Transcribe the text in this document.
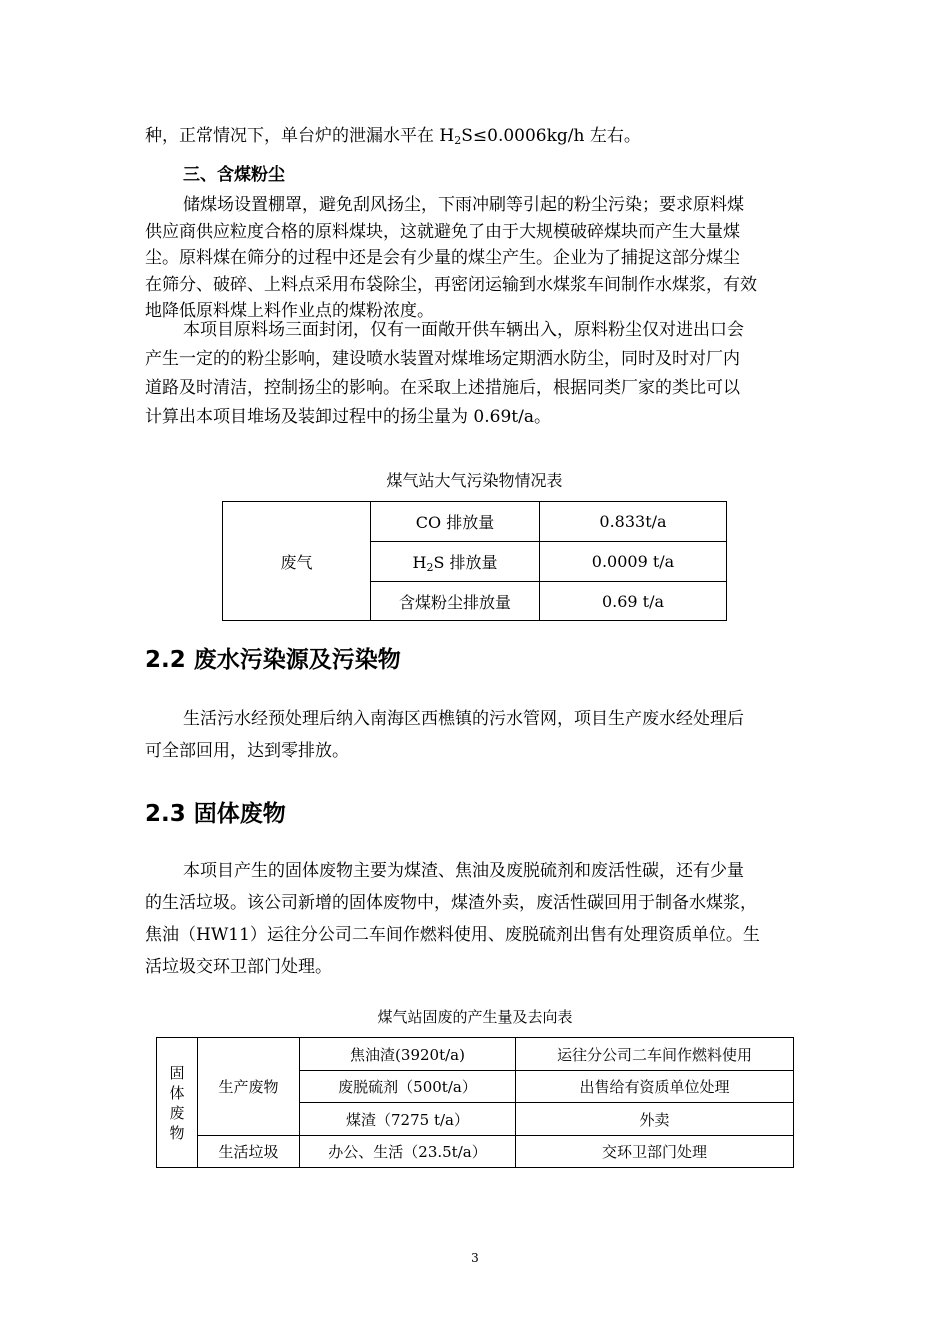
种，正常情况下，单台炉的泄漏水平在 $H_2S\le 0.0006kg/h$ 左右。

三、含煤粉尘

储煤场设置棚罩，避免刮风扬尘，下雨冲刷等引起的粉尘污染；要求原料煤
供应商供应粒度合格的原料煤块，这就避免了由于大规模破碎煤块而产生大量煤
尘。原料煤在筛分的过程中还是会有少量的煤尘产生。企业为了捕捉这部分煤尘
在筛分、破碎、上料点采用布袋除尘，再密闭运输到水煤浆车间制作水煤浆，有效
地降低原料煤上料作业点的煤粉浓度。

本项目原料场三面封闭，仅有一面敞开供车辆出入，原料粉尘仅对进出口会
产生一定的的粉尘影响，建设喷水装置对煤堆场定期洒水防尘，同时及时对厂内
道路及时清洁，控制扬尘的影响。在采取上述措施后，根据同类厂家的类比可以
计算出本项目堆场及装卸过程中的扬尘量为 0.69t/a。

煤气站大气污染物情况表

废气	CO 排放量	0.833t/a
	$H_2S$ 排放量	0.0009 t/a
	含煤粉尘排放量	0.69 t/a
2.2 废水污染源及污染物

生活污水经预处理后纳入南海区西樵镇的污水管网，项目生产废水经处理后
可全部回用，达到零排放。

2.3 固体废物

本项目产生的固体废物主要为煤渣、焦油及废脱硫剂和废活性碳，还有少量
的生活垃圾。该公司新增的固体废物中，煤渣外卖，废活性碳回用于制备水煤浆，
焦油（HW11）运往分公司二车间作燃料使用、废脱硫剂出售有处理资质单位。生
活垃圾交环卫部门处理。

煤气站固废的产生量及去向表

固
体
废
物	生产废物	焦油渣(3920t/a)	运往分公司二车间作燃料使用
		废脱硫剂（500t/a）	出售给有资质单位处理
		煤渣（7275 t/a）	外卖
	生活垃圾	办公、生活（23.5t/a）	交环卫部门处理

3
